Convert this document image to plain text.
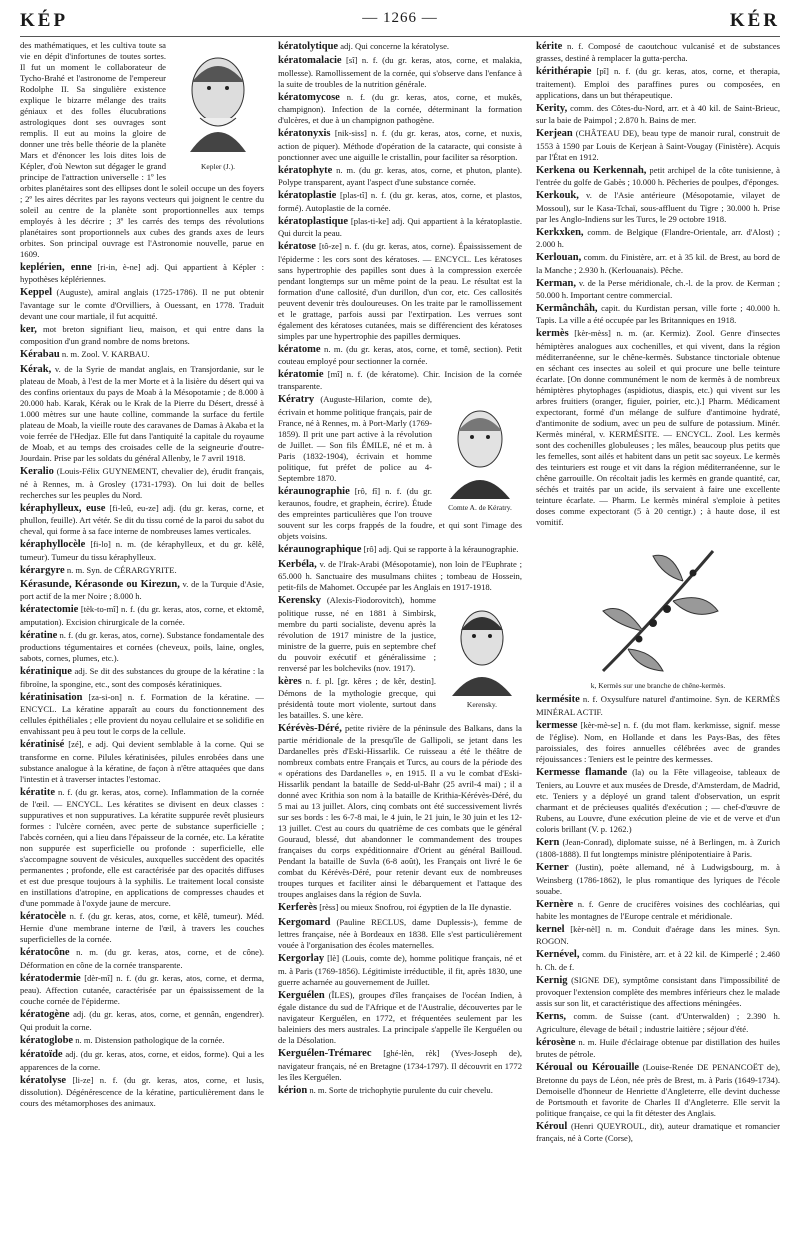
KÉP	— 1266 —	KÉR
Kepler (J.).

des mathématiques, et les cultiva toute sa vie en dépit d'infortunes de toutes sortes. Il fut un moment le collaborateur de Tycho-Brahé et l'astronome de l'empereur Rodolphe II. Sa singulière existence explique le bizarre mélange des traits géniaux et des folles élucubrations astrologiques dont ses ouvrages sont remplis. Il eut au moins la gloire de donner une très belle théorie de la planète Mars et d'énoncer les lois dites lois de Képler, d'où Newton sut dégager le grand principe de l'attraction universelle : 1º les orbites planétaires sont des ellipses dont le soleil occupe un des foyers ; 2º les aires décrites par les rayons vecteurs qui joignent le centre du soleil au centre de la planète sont proportionnelles aux temps employés à les décrire ; 3º les carrés des temps des révolutions planétaires sont proportionnels aux cubes des grands axes de leurs orbites. Son principal ouvrage est l'Astronomie nouvelle, parue en 1609.

keplérien, enne [ri-in, è-ne] adj. Qui appartient à Képler : hypothèses képlériennes.

Keppel (Auguste), amiral anglais (1725-1786). Il ne put obtenir l'avantage sur le comte d'Orvilliers, à Ouessant, en 1778. Traduit devant une cour martiale, il fut acquitté.

ker, mot breton signifiant lieu, maison, et qui entre dans la composition d'un grand nombre de noms bretons.

Kérabau n. m. Zool. V. KARBAU.

Kérak, v. de la Syrie de mandat anglais, en Transjordanie, sur le plateau de Moab, à l'est de la mer Morte et à la lisière du désert qui va des confins orientaux du pays de Moab à la Mésopotamie ; de 8.000 à 20.000 hab. Karak, Kérak ou le Krak de la Pierre du Désert, dressé à 1.000 mètres sur une haute colline, commande la surface du fertile plateau de Moab, la vieille route des caravanes de Damas à Akaba et la voie ferrée de l'Hedjaz. Elle fut dans l'antiquité la capitale du royaume de Moab, et au temps des croisades celle de la seigneurie d'outre-Jourdain. Prise par les soldats du général Allenby, le 7 avril 1918.

Keralio (Louis-Félix GUYNEMENT, chevalier de), érudit français, né à Rennes, m. à Grosley (1731-1793). On lui doit de belles recherches sur les peuples du Nord.

kéraphylleux, euse [fi-leû, eu-ze] adj. (du gr. keras, corne, et phullon, feuille). Art vétér. Se dit du tissu corné de la paroi du sabot du cheval, qui forme à sa face interne de nombreuses lames verticales.

kéraphyllocèle [fi-lo] n. m. (de kéraphylleux, et du gr. kêlê, tumeur). Tumeur du tissu kéraphylleux.

kérargyre n. m. Syn. de CÉRARGYRITE.

Kérasunde, Kérasonde ou Kirezun, v. de la Turquie d'Asie, port actif de la mer Noire ; 8.000 h.

kératectomie [tèk-to-mî] n. f. (du gr. keras, atos, corne, et ektomê, amputation). Excision chirurgicale de la cornée.

kératine n. f. (du gr. keras, atos, corne). Substance fondamentale des productions tégumentaires et cornées (cheveux, poils, laine, ongles, sabots, cornes, plumes, etc.).

kératinique adj. Se dit des substances du groupe de la kératine : la fibroïne, la spongine, etc., sont des composés kératiniques.

kératinisation [za-si-on] n. f. Formation de la kératine. — ENCYCL. La kératine apparaît au cours du fonctionnement des cellules épithéliales ; elle provient du noyau cellulaire et se solidifie en envahissant peu à peu tout le corps de la cellule.

kératinisé [zé], e adj. Qui devient semblable à la corne. Qui se transforme en corne. Pilules kératinisées, pilules enrobées dans une substance analogue à la kératine, de façon à n'être attaquées que dans l'intestin et à traverser intactes l'estomac.

kératite n. f. (du gr. keras, atos, corne). Inflammation de la cornée de l'œil. — ENCYCL. Les kératites se divisent en deux classes : suppuratives et non suppuratives. La kératite suppurée revêt plusieurs formes : l'ulcère cornéen, avec perte de substance superficielle ; l'abcès cornéen, qui a lieu dans l'épaisseur de la cornée, etc. La kératite non suppurée est superficielle ou profonde : superficielle, elle s'accompagne souvent de vésicules, auxquelles succèdent des opacités permanentes ; profonde, elle est caractérisée par des opacités diffuses et est due presque toujours à la syphilis. Le traitement local consiste en instillations d'atropine, en applications de compresses chaudes et d'une pommade à l'oxyde jaune de mercure.

kératocèle n. f. (du gr. keras, atos, corne, et kêlê, tumeur). Méd. Hernie d'une membrane interne de l'œil, à travers les couches superficielles de la cornée.

kératocône n. m. (du gr. keras, atos, corne, et de cône). Déformation en cône de la cornée transparente.

kératodermie [dèr-mî] n. f. (du gr. keras, atos, corne, et derma, peau). Affection cutanée, caractérisée par un épaississement de la couche cornée de l'épiderme.

kératogène adj. (du gr. keras, atos, corne, et gennân, engendrer). Qui produit la corne.

kératoglobe n. m. Distension pathologique de la cornée.

kératoïde adj. (du gr. keras, atos, corne, et eidos, forme). Qui a les apparences de la corne.

kératolyse [li-ze] n. f. (du gr. keras, atos, corne, et lusis, dissolution). Dégénérescence de la kératine, particulièrement dans le cours des métamorphoses des animaux.

kératolytique adj. Qui concerne la kératolyse.

kératomalacie [sî] n. f. (du gr. keras, atos, corne, et malakia, mollesse). Ramollissement de la cornée, qui s'observe dans l'enfance à la suite de troubles de la nutrition générale.

kératomycose n. f. (du gr. keras, atos, corne, et mukês, champignon). Infection de la cornée, déterminant la formation d'ulcères, et due à un champignon pathogène.

kératonyxis [nik-siss] n. f. (du gr. keras, atos, corne, et nuxis, action de piquer). Méthode d'opération de la cataracte, qui consiste à ponctionner avec une aiguille le cristallin, pour faciliter sa résorption.

kératophyte n. m. (du gr. keras, atos, corne, et phuton, plante). Polype transparent, ayant l'aspect d'une substance cornée.

kératoplastie [plas-tî] n. f. (du gr. keras, atos, corne, et plastos, formé). Autoplastie de la cornée.

kératoplastique [plas-ti-ke] adj. Qui appartient à la kératoplastie. Qui durcit la peau.

kératose [tô-ze] n. f. (du gr. keras, atos, corne). Épaississement de l'épiderme : les cors sont des kératoses. — ENCYCL. Les kératoses sans hypertrophie des papilles sont dues à la compression exercée pendant longtemps sur un même point de la peau. Le résultat est la formation d'une callosité, d'un durillon, d'un cor, etc. Ces callosités peuvent devenir très douloureuses. On les traite par le ramollissement et le grattage, parfois aussi par l'extirpation. Les verrues sont également des kératoses cutanées, mais se différencient des kératoses simples par une hypertrophie des papilles dermiques.

kératome n. m. (du gr. keras, atos, corne, et tomê, section). Petit couteau employé pour sectionner la cornée.

kératomie [mî] n. f. (de kératome). Chir. Incision de la cornée transparente.

Comte A. de Kératry.

Kératry (Auguste-Hilarion, comte de), écrivain et homme politique français, pair de France, né à Rennes, m. à Port-Marly (1769-1859). Il prit une part active à la révolution de Juillet. — Son fils ÉMILE, né et m. à Paris (1832-1904), écrivain et homme politique, fut préfet de police au 4-Septembre 1870.

kéraunographie [rô, fî] n. f. (du gr. keraunos, foudre, et graphein, écrire). Étude des empreintes particulières que l'on trouve souvent sur les corps frappés de la foudre, et qui sont l'image des objets voisins.

kéraunographique [rô] adj. Qui se rapporte à la kéraunographie.

Kerbéla, v. de l'Irak-Arabi (Mésopotamie), non loin de l'Euphrate ; 65.000 h. Sanctuaire des musulmans chiites ; tombeau de Hossein, petit-fils de Mahomet. Occupée par les Anglais en 1917-1918.

Kerensky.

Kerensky (Alexis-Fiodorovitch), homme politique russe, né en 1881 à Simbirsk, membre du parti socialiste, devenu après la révolution de 1917 ministre de la justice, ministre de la guerre, puis en septembre chef du pouvoir exécutif et généralissime ; renversé par les bolcheviks (nov. 1917).

kères n. f. pl. [gr. kêres ; de kêr, destin]. Démons de la mythologie grecque, qui présidentà toute mort violente, surtout dans les batailles. S. une kère.

Kérévès-Déré, petite rivière de la péninsule des Balkans, dans la partie méridionale de la presqu'île de Gallipoli, se jetant dans les Dardanelles près d'Eski-Hissarlik. Ce ruisseau a été le théâtre de nombreux combats entre Français et Turcs, au cours de la période des « opérations des Dardanelles », en 1915. Il a vu le combat d'Eski-Hissarlik pendant la bataille de Sedd-ul-Bahr (25 avril-4 mai) ; il a donné avec Krithia son nom à la bataille de Krithia-Kérévès-Déré, du 5 mai au 13 juillet. Alors, cinq combats ont été successivement livrés sur ses bords : les 6-7-8 mai, le 4 juin, le 21 juin, le 30 juin et les 12-13 juillet. C'est au cours du quatrième de ces combats que le général Gouraud, blessé, dut abandonner le commandement des troupes françaises du corps expéditionnaire d'Orient au général Bailloud. Pendant la bataille de Suvla (6-8 août), les Français ont livré le 6e combat du Kérévès-Déré, pour retenir devant eux de nombreuses troupes turques et faciliter ainsi le débarquement et l'attaque des troupes anglaises dans la région de Suvla.

Kerferès [rèss] ou mieux Snofrou, roi égyptien de la IIe dynastie.

Kergomard (Pauline RECLUS, dame Duplessis-), femme de lettres française, née à Bordeaux en 1838. Elle s'est particulièrement vouée à l'organisation des écoles maternelles.

Kergorlay [lè] (Louis, comte de), homme politique français, né et m. à Paris (1769-1856). Légitimiste irréductible, il fit, après 1830, une guerre acharnée au gouvernement de Juillet.

Kerguélen (ÎLES), groupes d'îles françaises de l'océan Indien, à égale distance du sud de l'Afrique et de l'Australie, découvertes par le navigateur Kerguélen, en 1772, et fréquentées seulement par les baleiniers des mers australes. La principale s'appelle île Kerguélen ou de la Désolation.

Kerguélen-Trémarec [ghé-lèn, rèk] (Yves-Joseph de), navigateur français, né en Bretagne (1734-1797). Il découvrit en 1772 les îles Kerguélen.

kérion n. m. Sorte de trichophytie purulente du cuir chevelu.

kérite n. f. Composé de caoutchouc vulcanisé et de substances grasses, destiné à remplacer la gutta-percha.

kérithérapie [pî] n. f. (du gr. keras, atos, corne, et therapia, traitement). Emploi des paraffines pures ou composées, en applications, dans un but thérapeutique.

Kerity, comm. des Côtes-du-Nord, arr. et à 40 kil. de Saint-Brieuc, sur la baie de Paimpol ; 2.870 h. Bains de mer.

Kerjean (CHÂTEAU DE), beau type de manoir rural, construit de 1553 à 1590 par Louis de Kerjean à Saint-Vougay (Finistère). Acquis par l'État en 1912.

Kerkena ou Kerkennah, petit archipel de la côte tunisienne, à l'entrée du golfe de Gabès ; 10.000 h. Pêcheries de poulpes, d'éponges.

Kerkouk, v. de l'Asie antérieure (Mésopotamie, vilayet de Mossoul), sur le Kasa-Tchaï, sous-affluent du Tigre ; 30.000 h. Prise par les Anglo-Indiens sur les Turcs, le 29 octobre 1918.

Kerkxken, comm. de Belgique (Flandre-Orientale, arr. d'Alost) ; 2.000 h.

Kerlouan, comm. du Finistère, arr. et à 35 kil. de Brest, au bord de la Manche ; 2.930 h. (Kerlouanais). Pêche.

Kerman, v. de la Perse méridionale, ch.-l. de la prov. de Kerman ; 50.000 h. Important centre commercial.

Kermânchâh, capit. du Kurdistan persan, ville forte ; 40.000 h. Tapis. La ville a été occupée par les Britanniques en 1918.

kermès [kèr-mèss] n. m. (ar. Kermiz). Zool. Genre d'insectes hémiptères analogues aux cochenilles, et qui vivent, dans la région méditerranéenne, sur le chêne-kermès. Substance tinctoriale obtenue en séchant ces insectes au soleil et qui procure une belle teinture écarlate. [On donne communément le nom de kermès à de nombreux hémiptères phytophages (aspidiotus, diaspis, etc.) qui vivent sur les arbres fruitiers (oranger, figuier, poirier, etc.).] Pharm. Médicament expectorant, formé d'un mélange de sulfure d'antimoine hydraté, d'antimonite de sodium, avec un peu de sulfure de potassium. Minér. Kermès minéral, v. KERMÉSITE. — ENCYCL. Zool. Les kermès sont des cochenilles globuleuses ; les mâles, beaucoup plus petits que les femelles, sont ailés et habitent dans un petit sac soyeux. Le kermès des teinturiers est rouge et vit dans la région méditerranéenne, sur le chêne garrouille. On récoltait jadis les kermès en grande quantité, car, séchés et traités par un acide, ils servaient à faire une excellente teinture écarlate. — Pharm. Le kermès minéral s'emploie à petites doses comme expectorant (5 à 20 centigr.) ; à haute dose, il est vomitif.

k, Kermès sur une branche de chêne-kermès.

kermésite n. f. Oxysulfure naturel d'antimoine. Syn. de KERMÈS MINÉRAL ACTIF.

kermesse [kèr-mè-se] n. f. (du mot flam. kerkmisse, signif. messe de l'église). Nom, en Hollande et dans les Pays-Bas, des fêtes paroissiales, des foires annuelles célébrées avec de grandes réjouissances : Teniers est le peintre des kermesses.

Kermesse flamande (la) ou la Fête villageoise, tableaux de Teniers, au Louvre et aux musées de Dresde, d'Amsterdam, de Madrid, etc. Teniers y a déployé un grand talent d'observation, un esprit charmant et de précieuses qualités d'exécution ; — chef-d'œuvre de Rubens, au Louvre, d'une exécution pleine de vie et de verve et d'un coloris brillant (V. p. 1262.)

Kern (Jean-Conrad), diplomate suisse, né à Berlingen, m. à Zurich (1808-1888). Il fut longtemps ministre plénipotentiaire à Paris.

Kerner (Justin), poète allemand, né à Ludwigsbourg, m. à Weinsberg (1786-1862), le plus romantique des lyriques de l'école souabe.

Kernère n. f. Genre de crucifères voisines des cochléarias, qui habite les montagnes de l'Europe centrale et méridionale.

kernel [kèr-nèl] n. m. Conduit d'aérage dans les mines. Syn. ROGON.

Kernével, comm. du Finistère, arr. et à 22 kil. de Kimperlé ; 2.460 h. Ch. de f.

Kernig (SIGNE DE), symptôme consistant dans l'impossibilité de provoquer l'extension complète des membres inférieurs chez le malade assis sur son lit, et caractéristique des affections méningées.

Kerns, comm. de Suisse (cant. d'Unterwalden) ; 2.390 h. Agriculture, élevage de bétail ; industrie laitière ; séjour d'été.

kérosène n. m. Huile d'éclairage obtenue par distillation des huiles brutes de pétrole.

Kéroual ou Kérouaille (Louise-Renée DE PENANCOËT de), Bretonne du pays de Léon, née près de Brest, m. à Paris (1649-1734). Demoiselle d'honneur de Henriette d'Angleterre, elle devint duchesse de Portsmouth et favorite de Charles II d'Angleterre. Elle servit la politique française, ce qui la fit détester des Anglais.

Kéroul (Henri QUEYROUL, dit), auteur dramatique et romancier français, né à Corte (Corse),
